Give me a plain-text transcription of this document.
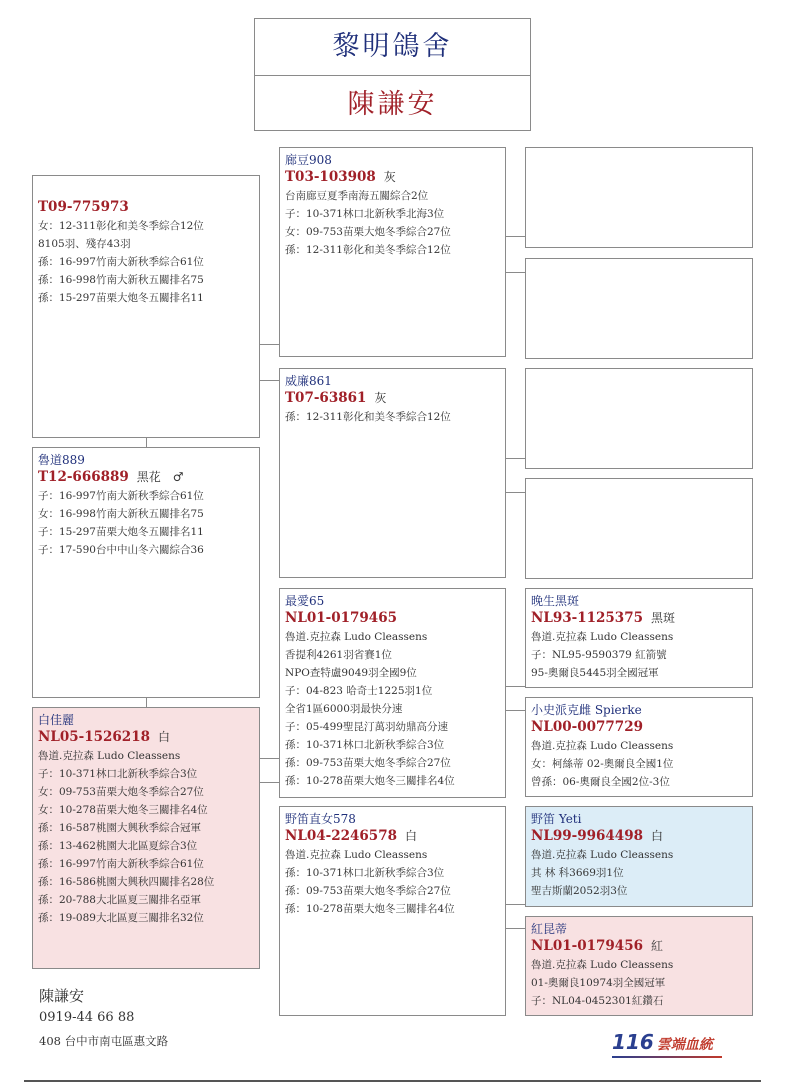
黎明鴿舍
陳謙安
T09-775973
女：12-311彰化和美冬季綜合12位
8105羽、殘存43羽
孫：16-997竹南大新秋季綜合61位
孫：16-998竹南大新秋五關排名75
孫：15-297苗栗大炮冬五關排名11
魯道889
T12-666889 黑花　♂
子：16-997竹南大新秋季綜合61位
女：16-998竹南大新秋五關排名75
子：15-297苗栗大炮冬五關排名11
子：17-590台中中山冬六關綜合36
白佳麗
NL05-1526218 白
魯道.克拉森 Ludo Cleassens
子：10-371林口北新秋季綜合3位
女：09-753苗栗大炮冬季綜合27位
女：10-278苗栗大炮冬三關排名4位
孫：16-587桃園大興秋季綜合冠軍
孫：13-462桃園大北區夏綜合3位
孫：16-997竹南大新秋季綜合61位
孫：16-586桃園大興秋四關排名28位
孫：20-788大北區夏三關排名亞軍
孫：19-089大北區夏三關排名32位
廊豆908
T03-103908 灰
台南廊豆夏季南海五關綜合2位
子：10-371林口北新秋季北海3位
女：09-753苗栗大炮冬季綜合27位
孫：12-311彰化和美冬季綜合12位
威廉861
T07-63861 灰
孫：12-311彰化和美冬季綜合12位
最愛65
NL01-0179465
魯道.克拉森 Ludo Cleassens
香提利4261羽省賽1位
NPO查特盧9049羽全國9位
子：04-823 哈奇士1225羽1位
全省1區6000羽最快分速
子：05-499聖昆汀萬羽幼鼎高分速
孫：10-371林口北新秋季綜合3位
孫：09-753苗栗大炮冬季綜合27位
孫：10-278苗栗大炮冬三關排名4位
野笛直女578
NL04-2246578 白
魯道.克拉森 Ludo Cleassens
孫：10-371林口北新秋季綜合3位
孫：09-753苗栗大炮冬季綜合27位
孫：10-278苗栗大炮冬三關排名4位
晚生黑斑
NL93-1125375 黑斑
魯道.克拉森 Ludo Cleassens
子：NL95-9590379 紅箭號
95-奧爾良5445羽全國冠軍
小史派克雌 Spierke
NL00-0077729
魯道.克拉森 Ludo Cleassens
女：柯絲蒂 02-奧爾良全國1位
曾孫：06-奧爾良全國2位-3位
野笛 Yeti
NL99-9964498 白
魯道.克拉森 Ludo Cleassens
其 林 科3669羽1位
聖吉斯蘭2052羽3位
紅昆蒂
NL01-0179456 紅
魯道.克拉森 Ludo Cleassens
01-奧爾良10974羽全國冠軍
子：NL04-0452301紅鑽石
陳謙安
0919-44 66 88
408 台中市南屯區惠文路	116 雲端血統
